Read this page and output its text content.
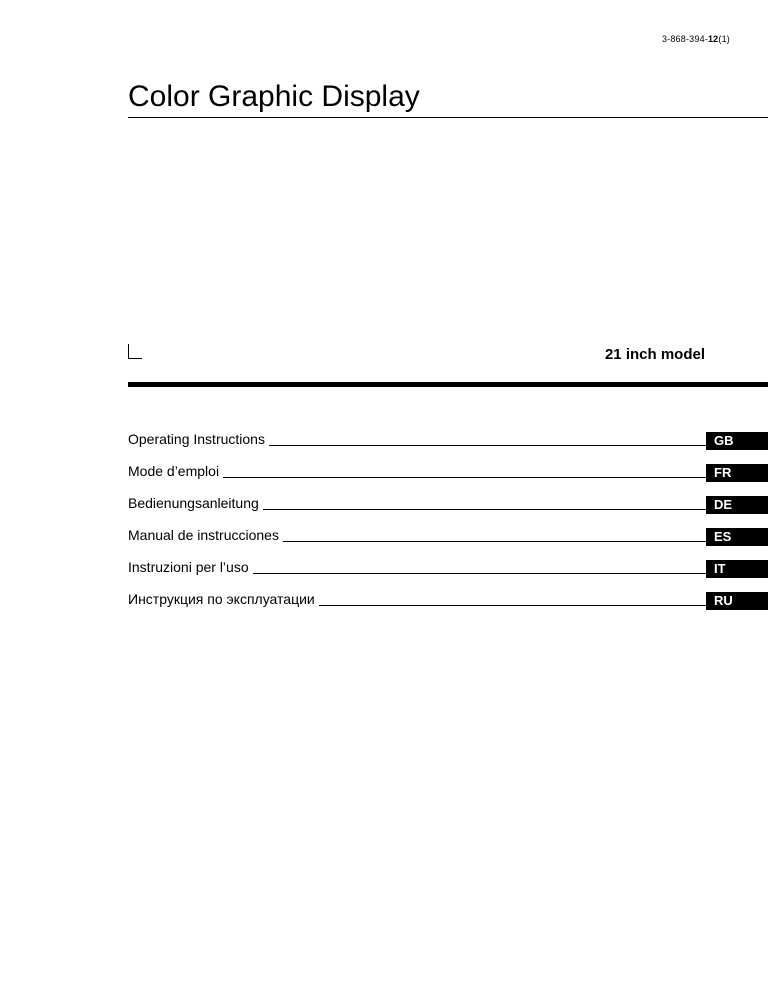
3-868-394-12(1)
Color Graphic Display
21 inch model
Operating Instructions	GB
Mode d’emploi	FR
Bedienungsanleitung	DE
Manual de instrucciones	ES
Instruzioni per l’uso	IT
Инструкция по эксплуатации	RU
